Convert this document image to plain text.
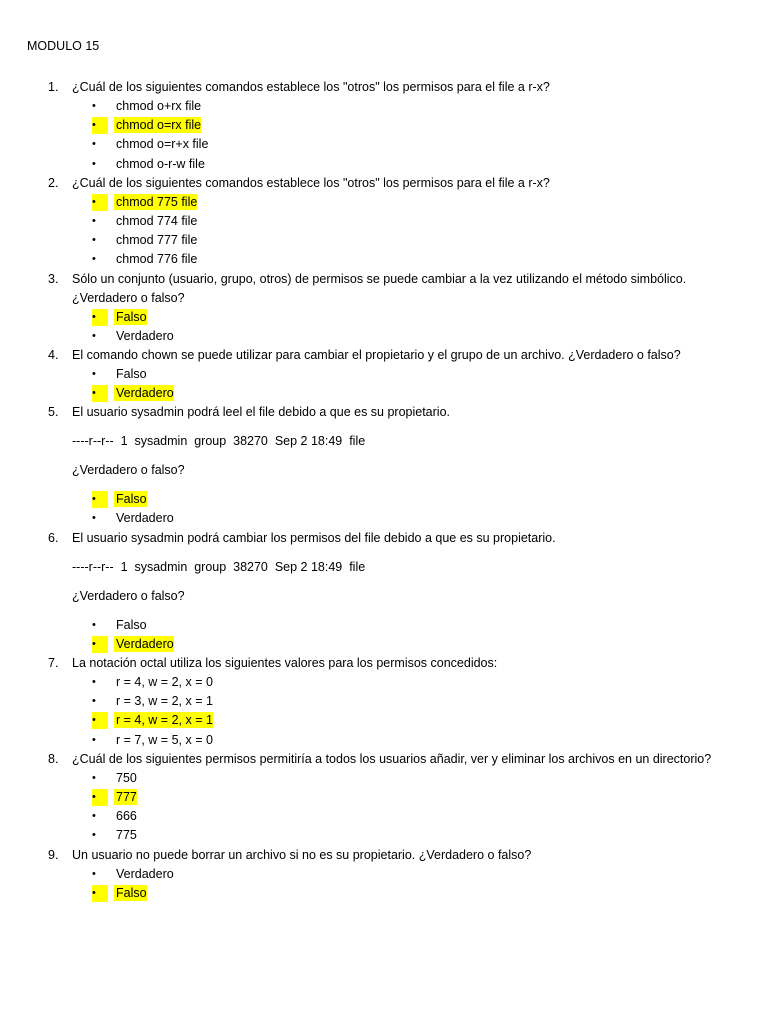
MODULO 15
1. ¿Cuál de los siguientes comandos establece los "otros" los permisos para el file a r-x?
• chmod o+rx file
•	chmod o=rx file
• chmod o=r+x file
• chmod o-r-w file
2. ¿Cuál de los siguientes comandos establece los "otros" los permisos para el file a r-x?
•	chmod 775 file
• chmod 774 file
• chmod 777 file
• chmod 776 file
3. Sólo un conjunto (usuario, grupo, otros) de permisos se puede cambiar a la vez utilizando el método simbólico. ¿Verdadero o falso?
•	Falso
• Verdadero
4. El comando chown se puede utilizar para cambiar el propietario y el grupo de un archivo. ¿Verdadero o falso?
• Falso
•	Verdadero
5. El usuario sysadmin podrá leel el file debido a que es su propietario.
----r--r--  1  sysadmin  group  38270  Sep 2 18:49  file
¿Verdadero o falso?
•	Falso
• Verdadero
6. El usuario sysadmin podrá cambiar los permisos del file debido a que es su propietario.
----r--r--  1  sysadmin  group  38270  Sep 2 18:49  file
¿Verdadero o falso?
• Falso
•	Verdadero
7. La notación octal utiliza los siguientes valores para los permisos concedidos:
• r = 4, w = 2, x = 0
• r = 3, w = 2, x = 1
•	r = 4, w = 2, x = 1
• r = 7, w = 5, x = 0
8. ¿Cuál de los siguientes permisos permitiría a todos los usuarios añadir, ver y eliminar los archivos en un directorio?
• 750
•	777
• 666
• 775
9. Un usuario no puede borrar un archivo si no es su propietario. ¿Verdadero o falso?
• Verdadero
•	Falso
